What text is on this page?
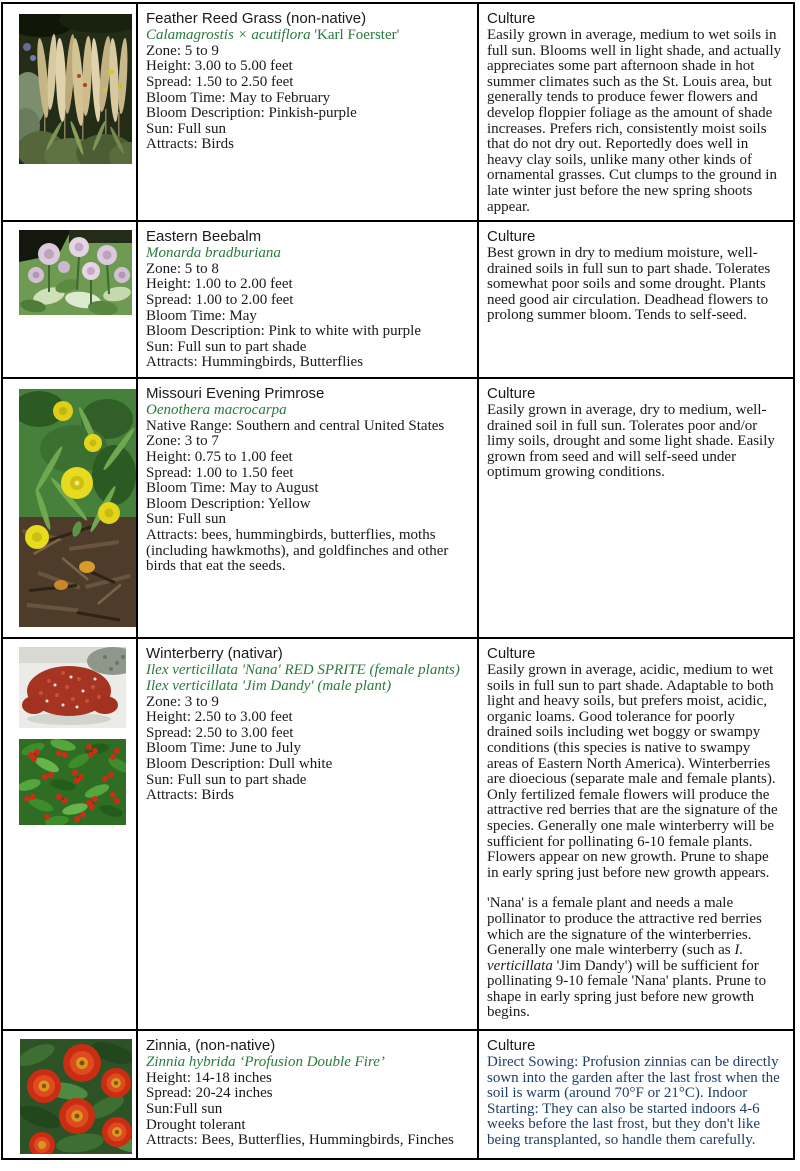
Feather Reed Grass (non-native)
Calamagrostis × acutiflora 'Karl Foerster'
Zone: 5 to 9
Height: 3.00 to 5.00 feet
Spread: 1.50 to 2.50 feet
Bloom Time: May to February
Bloom Description: Pinkish-purple
Sun: Full sun
Attracts: Birds
Culture
Easily grown in average, medium to wet soils in full sun. Blooms well in light shade, and actually appreciates some part afternoon shade in hot summer climates such as the St. Louis area, but generally tends to produce fewer flowers and develop floppier foliage as the amount of shade increases. Prefers rich, consistently moist soils that do not dry out. Reportedly does well in heavy clay soils, unlike many other kinds of ornamental grasses. Cut clumps to the ground in late winter just before the new spring shoots appear.
Eastern Beebalm
Monarda bradburiana
Zone: 5 to 8
Height: 1.00 to 2.00 feet
Spread: 1.00 to 2.00 feet
Bloom Time: May
Bloom Description: Pink to white with purple
Sun: Full sun to part shade
Attracts: Hummingbirds, Butterflies
Culture
Best grown in dry to medium moisture, well-drained soils in full sun to part shade. Tolerates somewhat poor soils and some drought. Plants need good air circulation. Deadhead flowers to prolong summer bloom. Tends to self-seed.
Missouri Evening Primrose
Oenothera macrocarpa
Native Range: Southern and central United States
Zone: 3 to 7
Height: 0.75 to 1.00 feet
Spread: 1.00 to 1.50 feet
Bloom Time: May to August
Bloom Description: Yellow
Sun: Full sun
Attracts: bees, hummingbirds, butterflies, moths (including hawkmoths), and goldfinches and other birds that eat the seeds.
Culture
Easily grown in average, dry to medium, well-drained soil in full sun. Tolerates poor and/or limy soils, drought and some light shade. Easily grown from seed and will self-seed under optimum growing conditions.
Winterberry (nativar)
Ilex verticillata 'Nana' RED SPRITE (female plants)
Ilex verticillata 'Jim Dandy' (male plant)
Zone: 3 to 9
Height: 2.50 to 3.00 feet
Spread: 2.50 to 3.00 feet
Bloom Time: June to July
Bloom Description: Dull white
Sun: Full sun to part shade
Attracts: Birds
Culture
Easily grown in average, acidic, medium to wet soils in full sun to part shade. Adaptable to both light and heavy soils, but prefers moist, acidic, organic loams. Good tolerance for poorly drained soils including wet boggy or swampy conditions (this species is native to swampy areas of Eastern North America). Winterberries are dioecious (separate male and female plants). Only fertilized female flowers will produce the attractive red berries that are the signature of the species. Generally one male winterberry will be sufficient for pollinating 6-10 female plants. Flowers appear on new growth. Prune to shape in early spring just before new growth appears.
'Nana' is a female plant and needs a male pollinator to produce the attractive red berries which are the signature of the winterberries. Generally one male winterberry (such as I. verticillata 'Jim Dandy') will be sufficient for pollinating 9-10 female 'Nana' plants. Prune to shape in early spring just before new growth begins.
Zinnia, (non-native)
Zinnia hybrida ‘Profusion Double Fire’
Height: 14-18 inches
Spread: 20-24 inches
Sun:Full sun
Drought tolerant
Attracts: Bees, Butterflies, Hummingbirds, Finches
Culture
Direct Sowing: Profusion zinnias can be directly sown into the garden after the last frost when the soil is warm (around 70°F or 21°C). Indoor Starting: They can also be started indoors 4-6 weeks before the last frost, but they don't like being transplanted, so handle them carefully.
